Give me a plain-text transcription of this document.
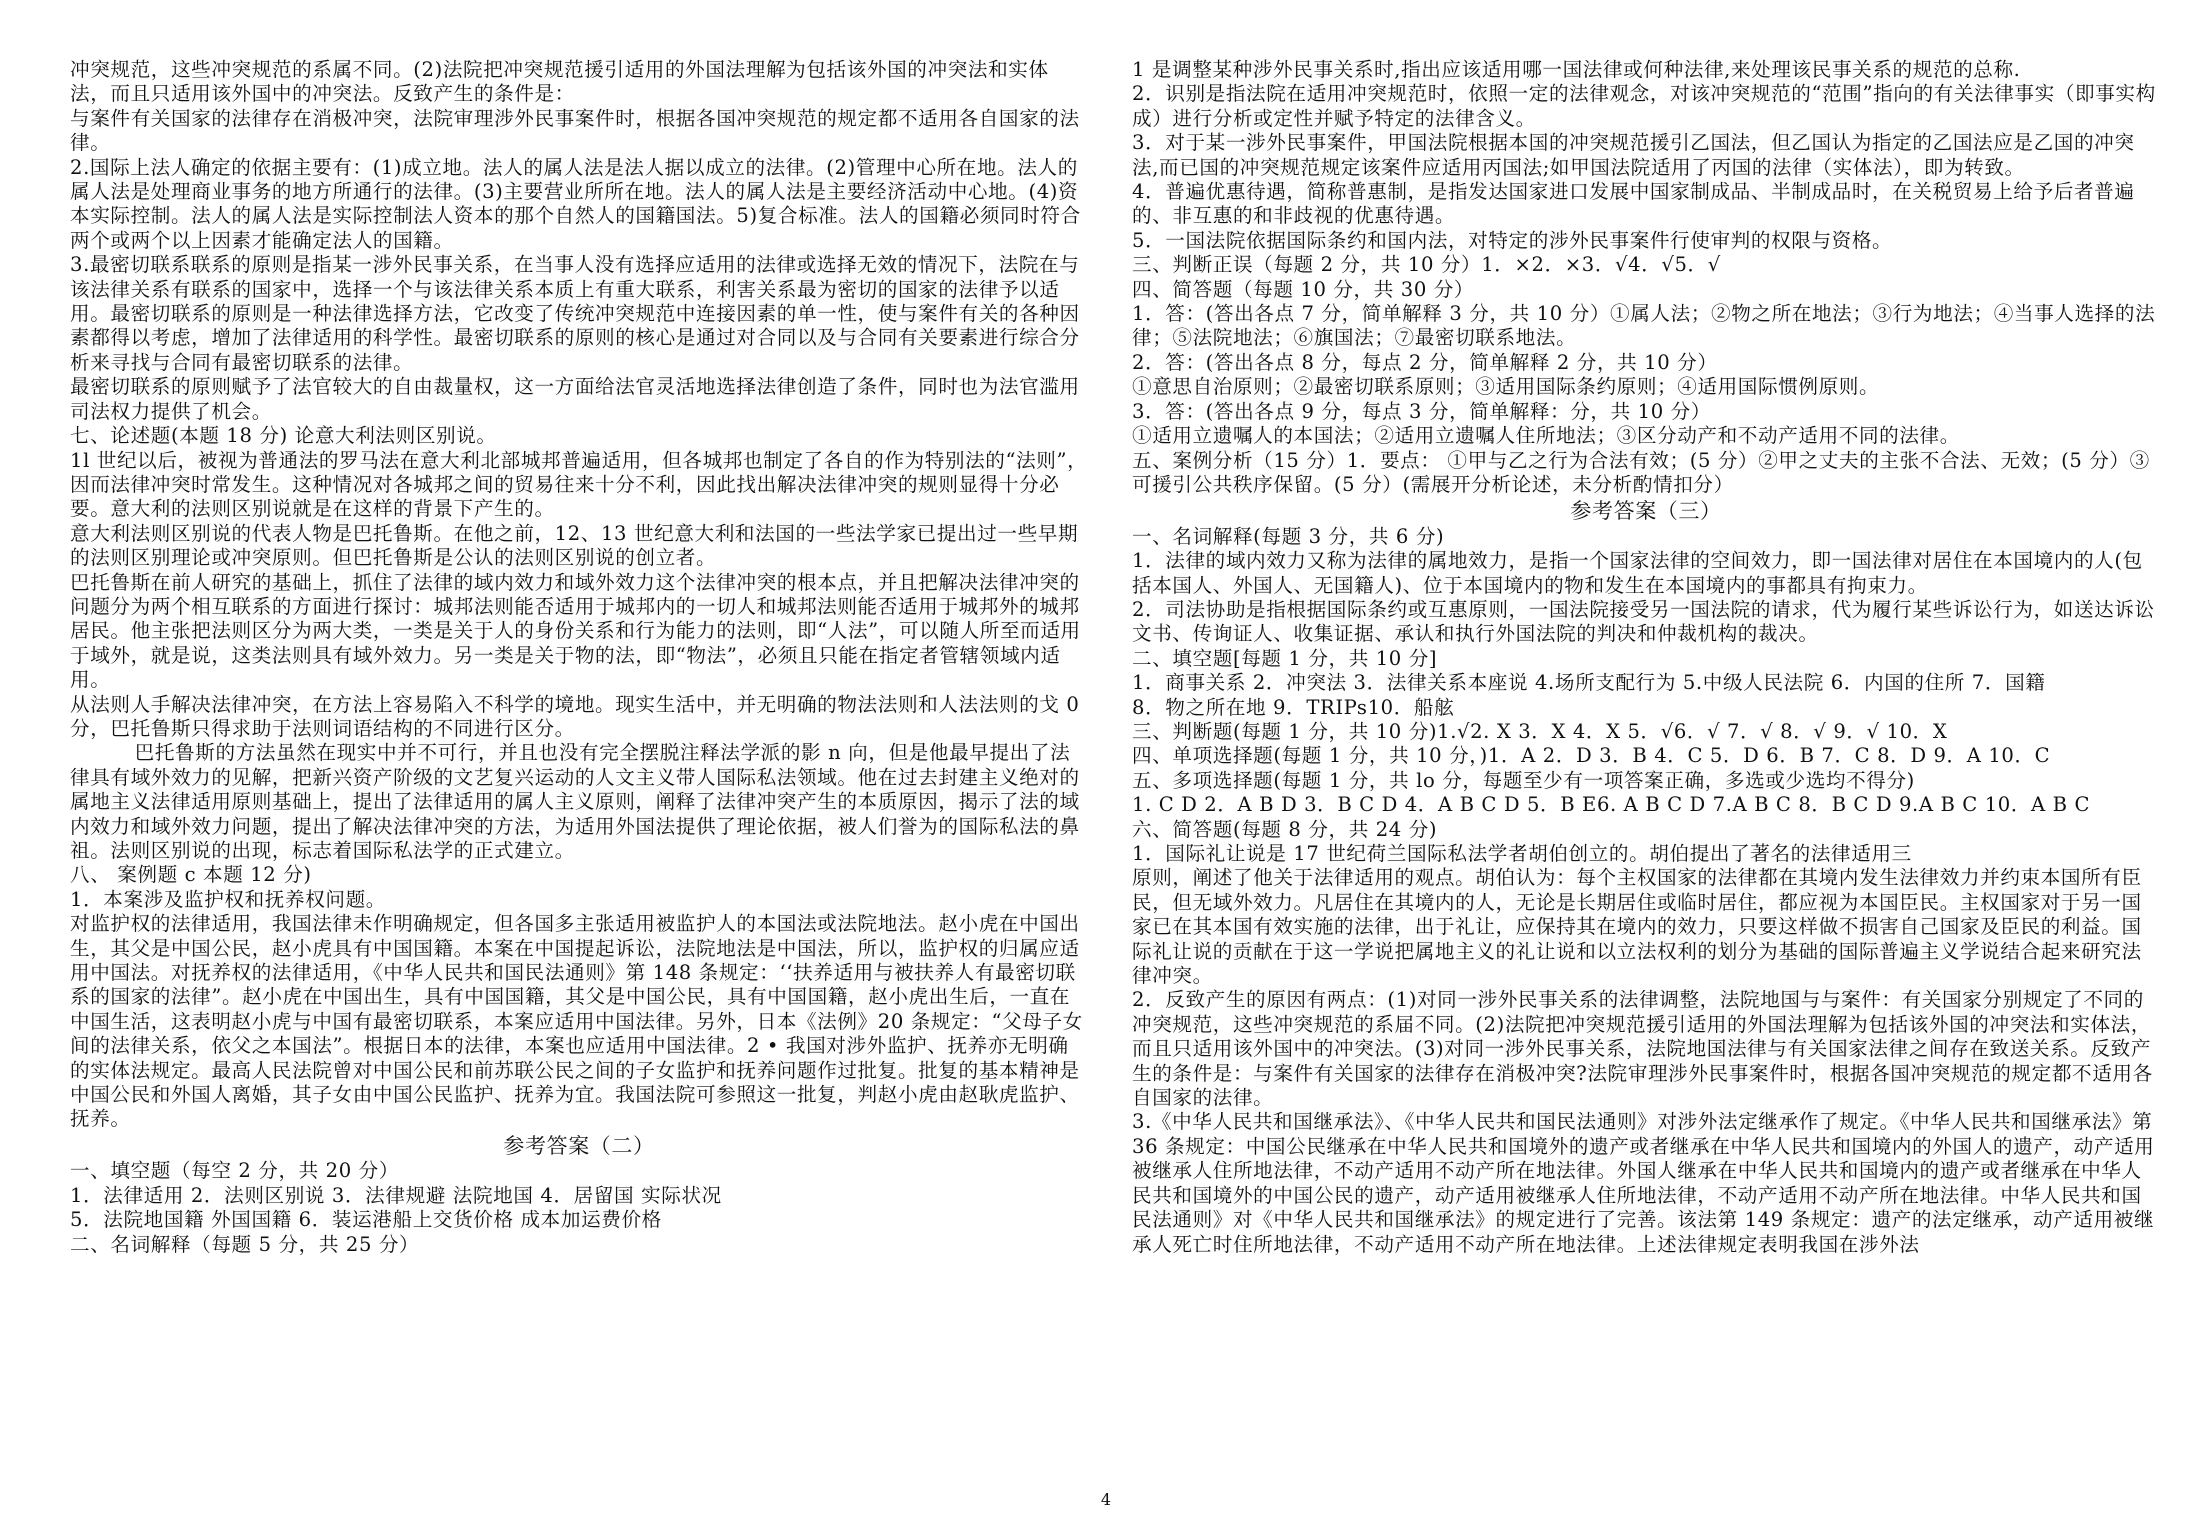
冲突规范，这些冲突规范的系属不同。(2)法院把冲突规范援引适用的外国法理解为包括该外国的冲突法和实体法，而且只适用该外国中的冲突法。反致产生的条件是：

与案件有关国家的法律存在消极冲突，法院审理涉外民事案件时，根据各国冲突规范的规定都不适用各自国家的法律。

2.国际上法人确定的依据主要有：(1)成立地。法人的属人法是法人据以成立的法律。(2)管理中心所在地。法人的属人法是处理商业事务的地方所通行的法律。(3)主要营业所所在地。法人的属人法是主要经济活动中心地。(4)资本实际控制。法人的属人法是实际控制法人资本的那个自然人的国籍国法。5)复合标准。法人的国籍必须同时符合两个或两个以上因素才能确定法人的国籍。

3.最密切联系联系的原则是指某一涉外民事关系，在当事人没有选择应适用的法律或选择无效的情况下，法院在与该法律关系有联系的国家中，选择一个与该法律关系本质上有重大联系，利害关系最为密切的国家的法律予以适用。最密切联系的原则是一种法律选择方法，它改变了传统冲突规范中连接因素的单一性，使与案件有关的各种因素都得以考虑，增加了法律适用的科学性。最密切联系的原则的核心是通过对合同以及与合同有关要素进行综合分析来寻找与合同有最密切联系的法律。

最密切联系的原则赋予了法官较大的自由裁量权，这一方面给法官灵活地选择法律创造了条件，同时也为法官滥用司法权力提供了机会。

七、论述题(本题 18 分) 论意大利法则区别说。

1l 世纪以后，被视为普通法的罗马法在意大利北部城邦普遍适用，但各城邦也制定了各自的作为特别法的“法则”，因而法律冲突时常发生。这种情况对各城邦之间的贸易往来十分不利，因此找出解决法律冲突的规则显得十分必要。意大利的法则区别说就是在这样的背景下产生的。

意大利法则区别说的代表人物是巴托鲁斯。在他之前，12、13 世纪意大利和法国的一些法学家已提出过一些早期的法则区别理论或冲突原则。但巴托鲁斯是公认的法则区别说的创立者。

巴托鲁斯在前人研究的基础上，抓住了法律的域内效力和域外效力这个法律冲突的根本点，并且把解决法律冲突的问题分为两个相互联系的方面进行探讨：城邦法则能否适用于城邦内的一切人和城邦法则能否适用于城邦外的城邦居民。他主张把法则区分为两大类，一类是关于人的身份关系和行为能力的法则，即“人法”，可以随人所至而适用于域外，就是说，这类法则具有域外效力。另一类是关于物的法，即“物法”，必须且只能在指定者管辖领域内适用。

从法则人手解决法律冲突，在方法上容易陷入不科学的境地。现实生活中，并无明确的物法法则和人法法则的戈 0 分，巴托鲁斯只得求助于法则词语结构的不同进行区分。

巴托鲁斯的方法虽然在现实中并不可行，并且也没有完全摆脱注释法学派的影 n 向，但是他最早提出了法律具有域外效力的见解，把新兴资产阶级的文艺复兴运动的人文主义带人国际私法领域。他在过去封建主义绝对的属地主义法律适用原则基础上，提出了法律适用的属人主义原则，阐释了法律冲突产生的本质原因，揭示了法的域内效力和域外效力问题，提出了解决法律冲突的方法，为适用外国法提供了理论依据，被人们誉为的国际私法的鼻祖。法则区别说的出现，标志着国际私法学的正式建立。

八、 案例题 c 本题 12 分)

1．本案涉及监护权和抚养权问题。

对监护权的法律适用，我国法律未作明确规定，但各国多主张适用被监护人的本国法或法院地法。赵小虎在中国出生，其父是中国公民，赵小虎具有中国国籍。本案在中国提起诉讼，法院地法是中国法，所以，监护权的归属应适用中国法。对抚养权的法律适用，《中华人民共和国民法通则》第 148 条规定：‘‘扶养适用与被扶养人有最密切联系的国家的法律”。赵小虎在中国出生，具有中国国籍，其父是中国公民，具有中国国籍，赵小虎出生后，一直在中国生活，这表明赵小虎与中国有最密切联系，本案应适用中国法律。另外，日本《法例》20 条规定：“父母子女间的法律关系，依父之本国法”。根据日本的法律，本案也应适用中国法律。2 • 我国对涉外监护、抚养亦无明确的实体法规定。最高人民法院曾对中国公民和前苏联公民之间的子女监护和抚养问题作过批复。批复的基本精神是中国公民和外国人离婚，其子女由中国公民监护、抚养为宜。我国法院可参照这一批复，判赵小虎由赵耿虎监护、抚养。

参考答案（二）

一、填空题（每空 2 分，共 20 分）

1．法律适用 2．法则区别说 3．法律规避 法院地国 4．居留国 实际状况

5．法院地国籍 外国国籍 6．装运港船上交货价格 成本加运费价格

二、名词解释（每题 5 分，共 25 分）

1 是调整某种涉外民事关系时,指出应该适用哪一国法律或何种法律,来处理该民事关系的规范的总称.

2．识别是指法院在适用冲突规范时，依照一定的法律观念，对该冲突规范的“范围”指向的有关法律事实（即事实构成）进行分析或定性并赋予特定的法律含义。

3．对于某一涉外民事案件，甲国法院根据本国的冲突规范援引乙国法，但乙国认为指定的乙国法应是乙国的冲突法,而已国的冲突规范规定该案件应适用丙国法;如甲国法院适用了丙国的法律（实体法），即为转致。

4．普遍优惠待遇，简称普惠制，是指发达国家进口发展中国家制成品、半制成品时，在关税贸易上给予后者普遍的、非互惠的和非歧视的优惠待遇。

5．一国法院依据国际条约和国内法，对特定的涉外民事案件行使审判的权限与资格。

三、判断正误（每题 2 分，共 10 分）1．×2．×3．√4．√5．√

四、简答题（每题 10 分，共 30 分）

1．答：(答出各点 7 分，简单解释 3 分，共 10 分）①属人法；②物之所在地法；③行为地法；④当事人选择的法律；⑤法院地法；⑥旗国法；⑦最密切联系地法。

2．答：(答出各点 8 分，每点 2 分，简单解释 2 分，共 10 分）

①意思自治原则；②最密切联系原则；③适用国际条约原则；④适用国际惯例原则。

3．答：(答出各点 9 分，每点 3 分，简单解释：分，共 10 分）

①适用立遗嘱人的本国法；②适用立遗嘱人住所地法；③区分动产和不动产适用不同的法律。

五、案例分析（15 分）1．要点： ①甲与乙之行为合法有效；(5 分）②甲之丈夫的主张不合法、无效；(5 分）③可援引公共秩序保留。(5 分）(需展开分析论述，未分析酌情扣分）

参考答案（三）

一、名词解释(每题 3 分，共 6 分)

1．法律的域内效力又称为法律的属地效力，是指一个国家法律的空间效力，即一国法律对居住在本国境内的人(包括本国人、外国人、无国籍人)、位于本国境内的物和发生在本国境内的事都具有拘束力。

2．司法协助是指根据国际条约或互惠原则，一国法院接受另一国法院的请求，代为履行某些诉讼行为，如送达诉讼文书、传询证人、收集证据、承认和执行外国法院的判决和仲裁机构的裁决。

二、填空题[每题 1 分，共 10 分]

1．商事关系 2．冲突法 3．法律关系本座说 4.场所支配行为 5.中级人民法院 6．内国的住所 7．国籍

8．物之所在地 9．TRIPs10．船舷

三、判断题(每题 1 分，共 10 分)1.√2. X 3．X 4．X 5．√6．√ 7．√ 8．√ 9．√ 10．X

四、单项选择题(每题 1 分，共 10 分，)1．A 2．D 3．B 4．C 5．D 6．B 7．C 8．D 9．A 10．C

五、多项选择题(每题 1 分，共 lo 分，每题至少有一项答案正确，多选或少选均不得分)

1. C D 2．A B D 3．B C D 4．A B C D 5．B E6. A B C D 7.A B C 8．B C D 9.A B C 10．A B C

六、简答题(每题 8 分，共 24 分)

1．国际礼让说是 17 世纪荷兰国际私法学者胡伯创立的。胡伯提出了著名的法律适用三

原则，阐述了他关于法律适用的观点。胡伯认为：每个主权国家的法律都在其境内发生法律效力并约束本国所有臣民，但无域外效力。凡居住在其境内的人，无论是长期居住或临时居住，都应视为本国臣民。主权国家对于另一国家已在其本国有效实施的法律，出于礼让，应保持其在境内的效力，只要这样做不损害自己国家及臣民的利益。国际礼让说的贡献在于这一学说把属地主义的礼让说和以立法权利的划分为基础的国际普遍主义学说结合起来研究法律冲突。

2．反致产生的原因有两点：(1)对同一涉外民事关系的法律调整，法院地国与与案件：有关国家分别规定了不同的冲突规范，这些冲突规范的系届不同。(2)法院把冲突规范援引适用的外国法理解为包括该外国的冲突法和实体法，而且只适用该外国中的冲突法。(3)对同一涉外民事关系，法院地国法律与有关国家法律之间存在致送关系。反致产生的条件是：与案件有关国家的法律存在消极冲突?法院审理涉外民事案件时，根据各国冲突规范的规定都不适用各自国家的法律。

3.《中华人民共和国继承法》、《中华人民共和国民法通则》对涉外法定继承作了规定。《中华人民共和国继承法》第 36 条规定：中国公民继承在中华人民共和国境外的遗产或者继承在中华人民共和国境内的外国人的遗产，动产适用被继承人住所地法律，不动产适用不动产所在地法律。外国人继承在中华人民共和国境内的遗产或者继承在中华人民共和国境外的中国公民的遗产，动产适用被继承人住所地法律，不动产适用不动产所在地法律。中华人民共和国民法通则》对《中华人民共和国继承法》的规定进行了完善。该法第 149 条规定：遗产的法定继承，动产适用被继承人死亡时住所地法律，不动产适用不动产所在地法律。上述法律规定表明我国在涉外法

4
